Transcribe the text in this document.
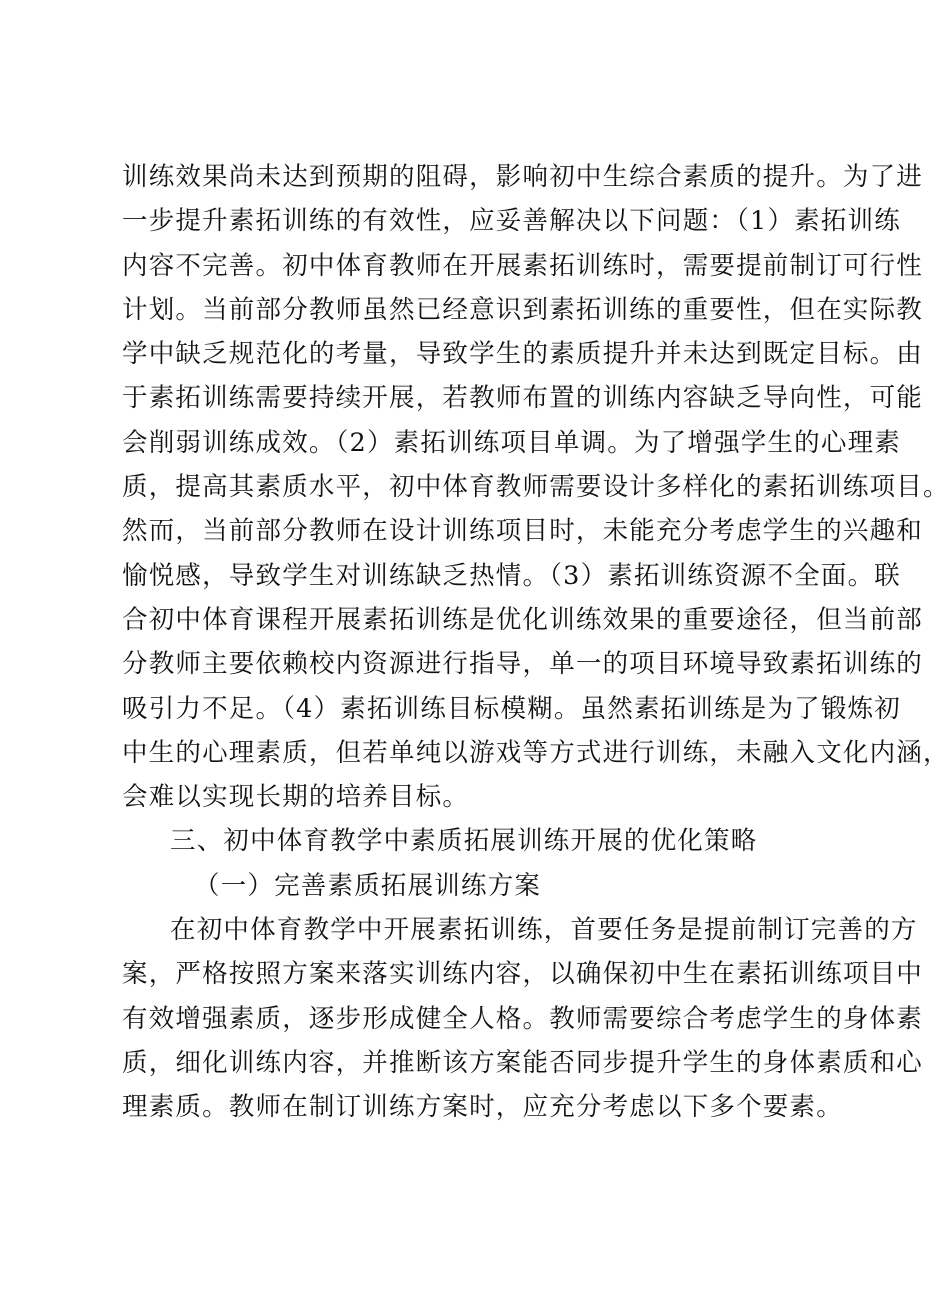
训练效果尚未达到预期的阻碍，影响初中生综合素质的提升。为了进
一步提升素拓训练的有效性，应妥善解决以下问题：（1）素拓训练
内容不完善。初中体育教师在开展素拓训练时，需要提前制订可行性
计划。当前部分教师虽然已经意识到素拓训练的重要性，但在实际教
学中缺乏规范化的考量，导致学生的素质提升并未达到既定目标。由
于素拓训练需要持续开展，若教师布置的训练内容缺乏导向性，可能
会削弱训练成效。（2）素拓训练项目单调。为了增强学生的心理素
质，提高其素质水平，初中体育教师需要设计多样化的素拓训练项目。
然而，当前部分教师在设计训练项目时，未能充分考虑学生的兴趣和
愉悦感，导致学生对训练缺乏热情。（3）素拓训练资源不全面。联
合初中体育课程开展素拓训练是优化训练效果的重要途径，但当前部
分教师主要依赖校内资源进行指导，单一的项目环境导致素拓训练的
吸引力不足。（4）素拓训练目标模糊。虽然素拓训练是为了锻炼初
中生的心理素质，但若单纯以游戏等方式进行训练，未融入文化内涵，
会难以实现长期的培养目标。
三、初中体育教学中素质拓展训练开展的优化策略
（一）完善素质拓展训练方案
在初中体育教学中开展素拓训练，首要任务是提前制订完善的方
案，严格按照方案来落实训练内容，以确保初中生在素拓训练项目中
有效增强素质，逐步形成健全人格。教师需要综合考虑学生的身体素
质，细化训练内容，并推断该方案能否同步提升学生的身体素质和心
理素质。教师在制订训练方案时，应充分考虑以下多个要素。
